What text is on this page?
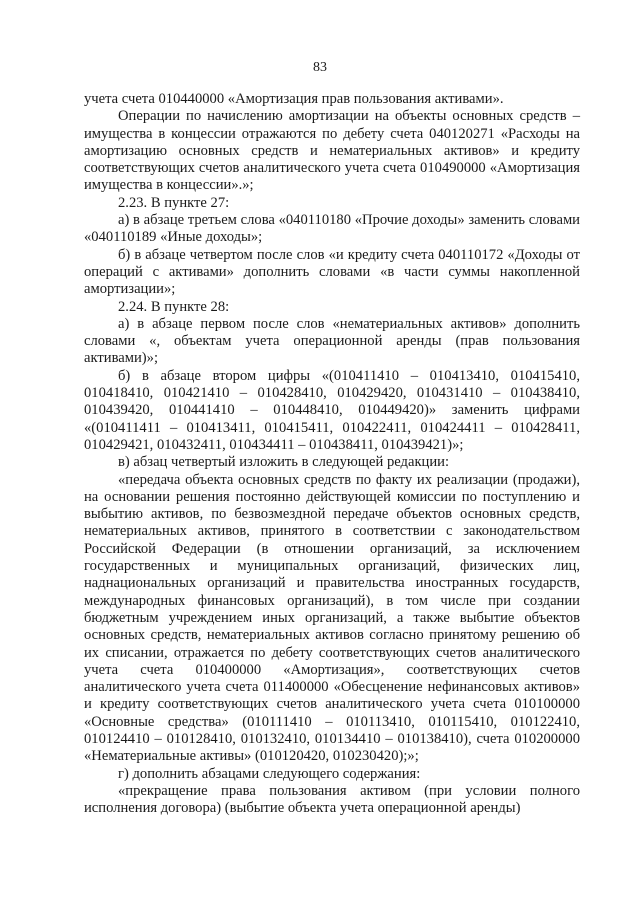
83

учета счета 010440000 «Амортизация прав пользования активами».

Операции по начислению амортизации на объекты основных средств – имущества в концессии отражаются по дебету счета 040120271 «Расходы на амортизацию основных средств и нематериальных активов» и кредиту соответствующих счетов аналитического учета счета 010490000 «Амортизация имущества в концессии».»;

2.23. В пункте 27:

а) в абзаце третьем слова «040110180 «Прочие доходы» заменить словами «040110189 «Иные доходы»;

б) в абзаце четвертом после слов «и кредиту счета 040110172 «Доходы от операций с активами» дополнить словами «в части суммы накопленной амортизации»;

2.24. В пункте 28:

а) в абзаце первом после слов «нематериальных активов» дополнить словами «, объектам учета операционной аренды (прав пользования активами)»;

б) в абзаце втором цифры «(010411410 – 010413410, 010415410, 010418410, 010421410 – 010428410, 010429420, 010431410 – 010438410, 010439420, 010441410 – 010448410, 010449420)» заменить цифрами «(010411411 – 010413411, 010415411, 010422411, 010424411 – 010428411, 010429421, 010432411, 010434411 – 010438411, 010439421)»;

в) абзац четвертый изложить в следующей редакции:

«передача объекта основных средств по факту их реализации (продажи), на основании решения постоянно действующей комиссии по поступлению и выбытию активов, по безвозмездной передаче объектов основных средств, нематериальных активов, принятого в соответствии с законодательством Российской Федерации (в отношении организаций, за исключением государственных и муниципальных организаций, физических лиц, наднациональных организаций и правительства иностранных государств, международных финансовых организаций), в том числе при создании бюджетным учреждением иных организаций, а также выбытие объектов основных средств, нематериальных активов согласно принятому решению об их списании, отражается по дебету соответствующих счетов аналитического учета счета 010400000 «Амортизация», соответствующих счетов аналитического учета счета 011400000 «Обесценение нефинансовых активов» и кредиту соответствующих счетов аналитического учета счета 010100000 «Основные средства» (010111410 – 010113410, 010115410, 010122410, 010124410 – 010128410, 010132410, 010134410 – 010138410), счета 010200000 «Нематериальные активы» (010120420, 010230420);»;

г) дополнить абзацами следующего содержания:

«прекращение права пользования активом (при условии полного исполнения договора) (выбытие объекта учета операционной аренды)
